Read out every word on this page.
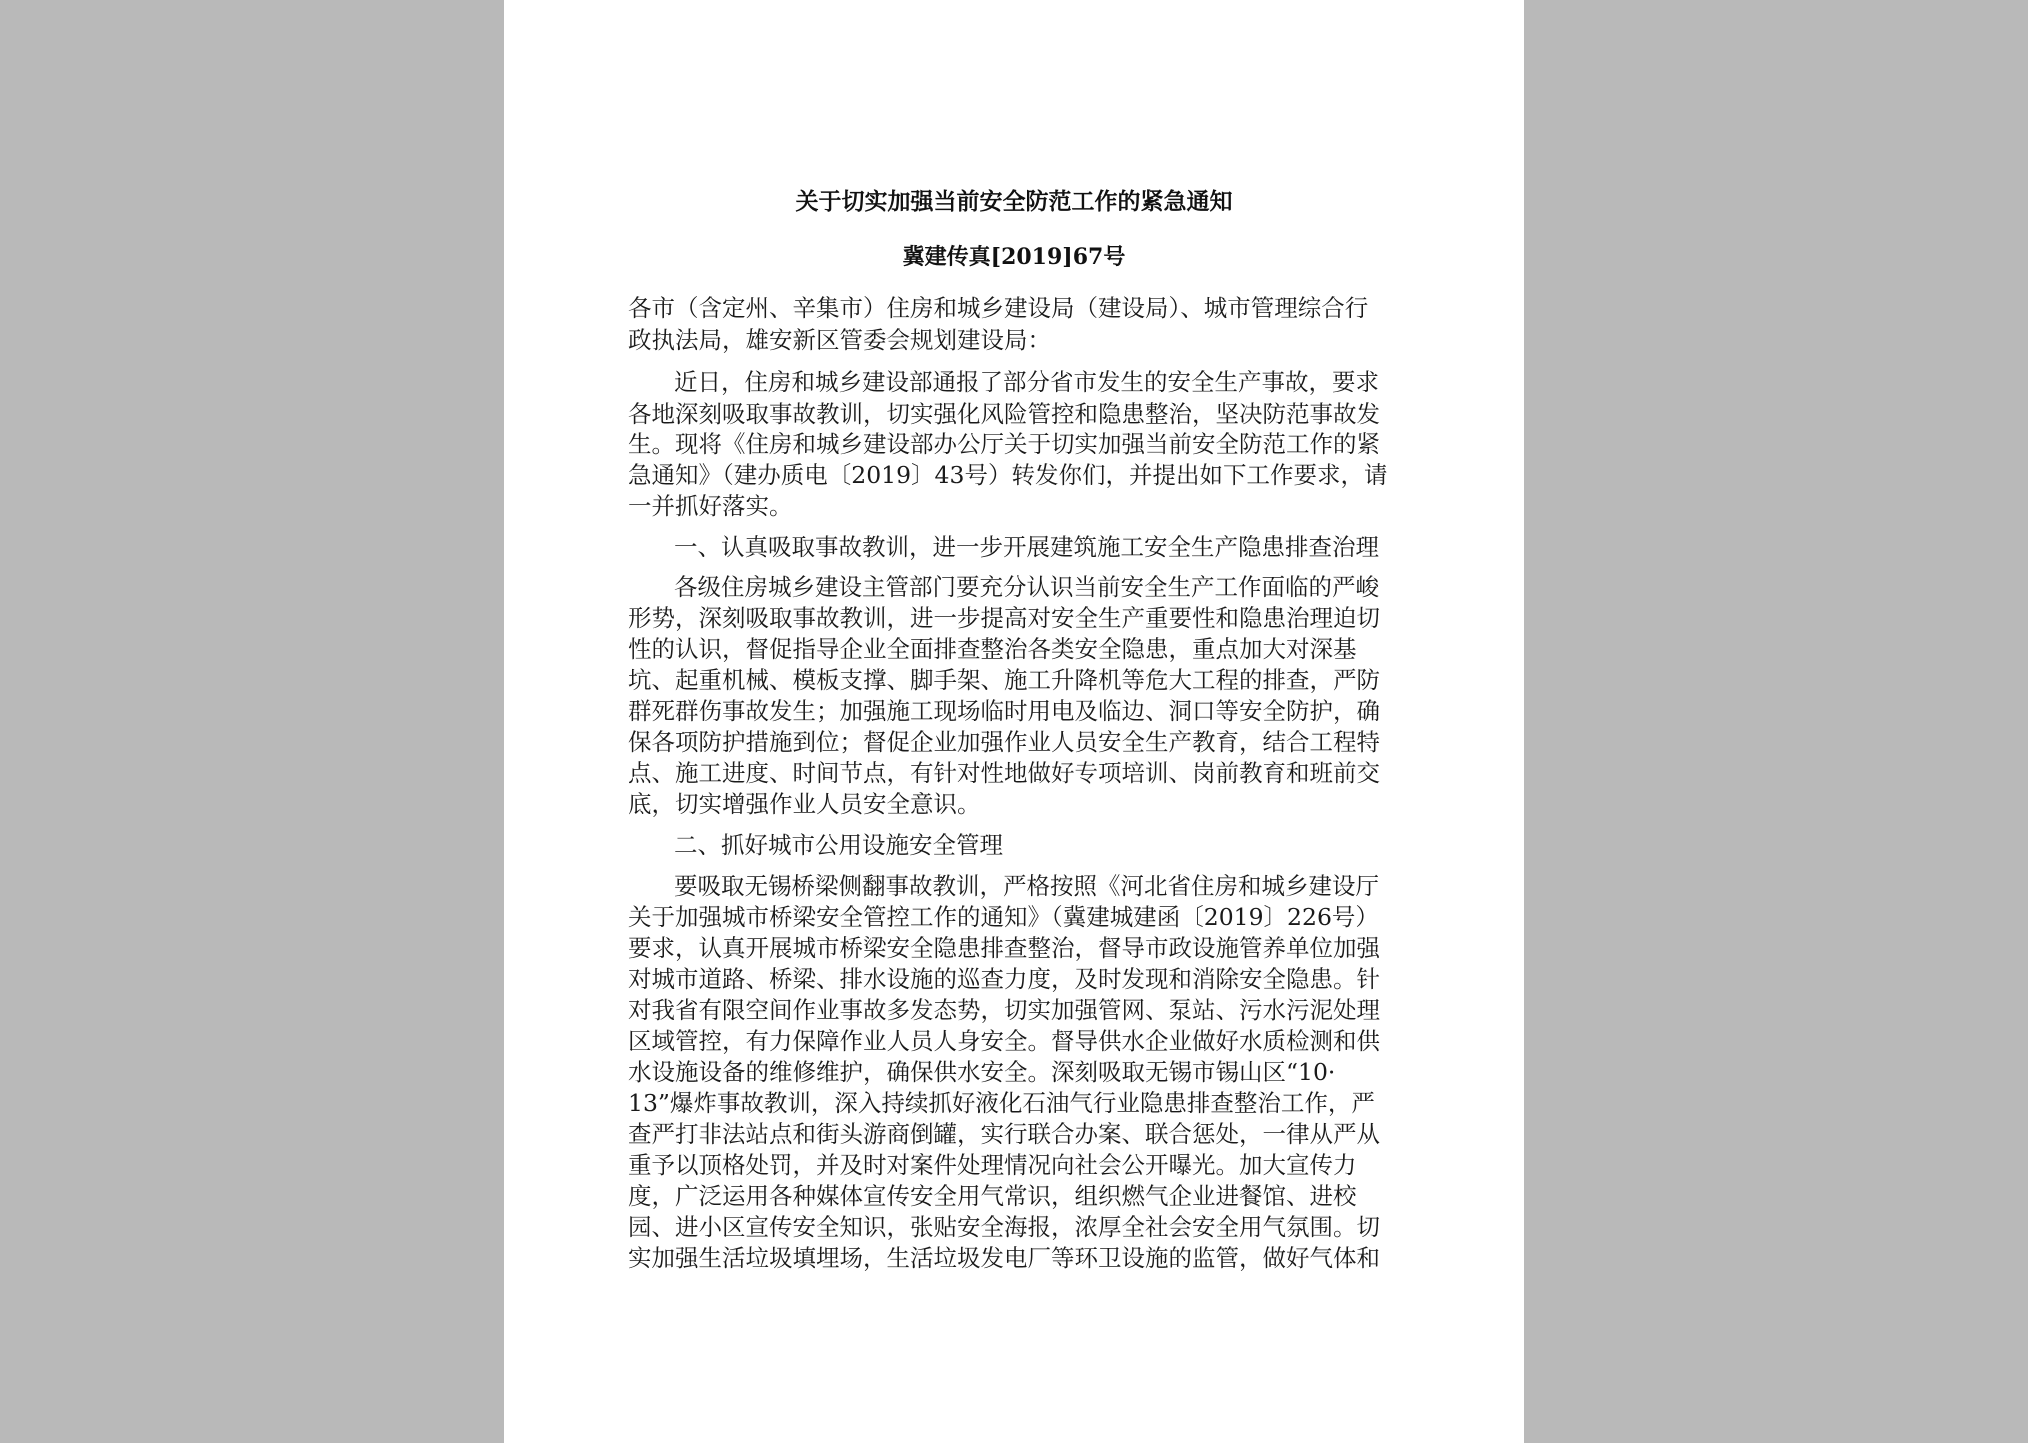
关于切实加强当前安全防范工作的紧急通知
冀建传真[2019]67号
各市（含定州、辛集市）住房和城乡建设局（建设局）、城市管理综合行
政执法局，雄安新区管委会规划建设局：
近日，住房和城乡建设部通报了部分省市发生的安全生产事故，要求
各地深刻吸取事故教训，切实强化风险管控和隐患整治，坚决防范事故发
生。现将《住房和城乡建设部办公厅关于切实加强当前安全防范工作的紧
急通知》（建办质电〔2019〕43号）转发你们，并提出如下工作要求，请
一并抓好落实。
一、认真吸取事故教训，进一步开展建筑施工安全生产隐患排查治理
各级住房城乡建设主管部门要充分认识当前安全生产工作面临的严峻
形势，深刻吸取事故教训，进一步提高对安全生产重要性和隐患治理迫切
性的认识，督促指导企业全面排查整治各类安全隐患，重点加大对深基
坑、起重机械、模板支撑、脚手架、施工升降机等危大工程的排查，严防
群死群伤事故发生；加强施工现场临时用电及临边、洞口等安全防护，确
保各项防护措施到位；督促企业加强作业人员安全生产教育，结合工程特
点、施工进度、时间节点，有针对性地做好专项培训、岗前教育和班前交
底，切实增强作业人员安全意识。
二、抓好城市公用设施安全管理
要吸取无锡桥梁侧翻事故教训，严格按照《河北省住房和城乡建设厅
关于加强城市桥梁安全管控工作的通知》（冀建城建函〔2019〕226号）
要求，认真开展城市桥梁安全隐患排查整治，督导市政设施管养单位加强
对城市道路、桥梁、排水设施的巡查力度，及时发现和消除安全隐患。针
对我省有限空间作业事故多发态势，切实加强管网、泵站、污水污泥处理
区域管控，有力保障作业人员人身安全。督导供水企业做好水质检测和供
水设施设备的维修维护，确保供水安全。深刻吸取无锡市锡山区“10·
13”爆炸事故教训，深入持续抓好液化石油气行业隐患排查整治工作，严
查严打非法站点和街头游商倒罐，实行联合办案、联合惩处，一律从严从
重予以顶格处罚，并及时对案件处理情况向社会公开曝光。加大宣传力
度，广泛运用各种媒体宣传安全用气常识，组织燃气企业进餐馆、进校
园、进小区宣传安全知识，张贴安全海报，浓厚全社会安全用气氛围。切
实加强生活垃圾填埋场，生活垃圾发电厂等环卫设施的监管，做好气体和
